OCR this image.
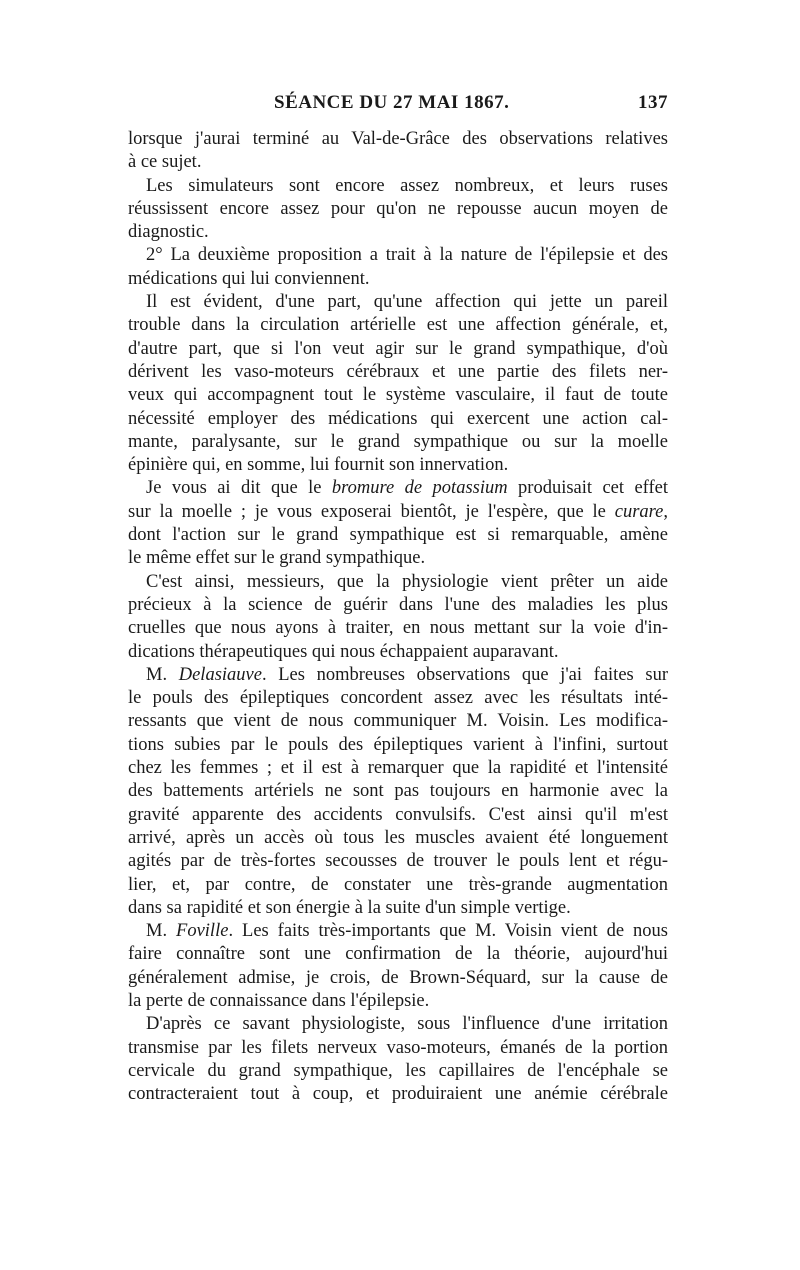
SÉANCE DU 27 MAI 1867.	137
lorsque j'aurai terminé au Val-de-Grâce des observations relatives
à ce sujet.
Les simulateurs sont encore assez nombreux, et leurs ruses
réussissent encore assez pour qu'on ne repousse aucun moyen de
diagnostic.
2° La deuxième proposition a trait à la nature de l'épilepsie et des
médications qui lui conviennent.
Il est évident, d'une part, qu'une affection qui jette un pareil
trouble dans la circulation artérielle est une affection générale, et,
d'autre part, que si l'on veut agir sur le grand sympathique, d'où
dérivent les vaso-moteurs cérébraux et une partie des filets ner-
veux qui accompagnent tout le système vasculaire, il faut de toute
nécessité employer des médications qui exercent une action cal-
mante, paralysante, sur le grand sympathique ou sur la moelle
épinière qui, en somme, lui fournit son innervation.
Je vous ai dit que le bromure de potassium produisait cet effet
sur la moelle ; je vous exposerai bientôt, je l'espère, que le curare,
dont l'action sur le grand sympathique est si remarquable, amène
le même effet sur le grand sympathique.
C'est ainsi, messieurs, que la physiologie vient prêter un aide
précieux à la science de guérir dans l'une des maladies les plus
cruelles que nous ayons à traiter, en nous mettant sur la voie d'in-
dications thérapeutiques qui nous échappaient auparavant.
M. Delasiauve. Les nombreuses observations que j'ai faites sur
le pouls des épileptiques concordent assez avec les résultats inté-
ressants que vient de nous communiquer M. Voisin. Les modifica-
tions subies par le pouls des épileptiques varient à l'infini, surtout
chez les femmes ; et il est à remarquer que la rapidité et l'intensité
des battements artériels ne sont pas toujours en harmonie avec la
gravité apparente des accidents convulsifs. C'est ainsi qu'il m'est
arrivé, après un accès où tous les muscles avaient été longuement
agités par de très-fortes secousses de trouver le pouls lent et régu-
lier, et, par contre, de constater une très-grande augmentation
dans sa rapidité et son énergie à la suite d'un simple vertige.
M. Foville. Les faits très-importants que M. Voisin vient de nous
faire connaître sont une confirmation de la théorie, aujourd'hui
généralement admise, je crois, de Brown-Séquard, sur la cause de
la perte de connaissance dans l'épilepsie.
D'après ce savant physiologiste, sous l'influence d'une irritation
transmise par les filets nerveux vaso-moteurs, émanés de la portion
cervicale du grand sympathique, les capillaires de l'encéphale se
contracteraient tout à coup, et produiraient une anémie cérébrale
